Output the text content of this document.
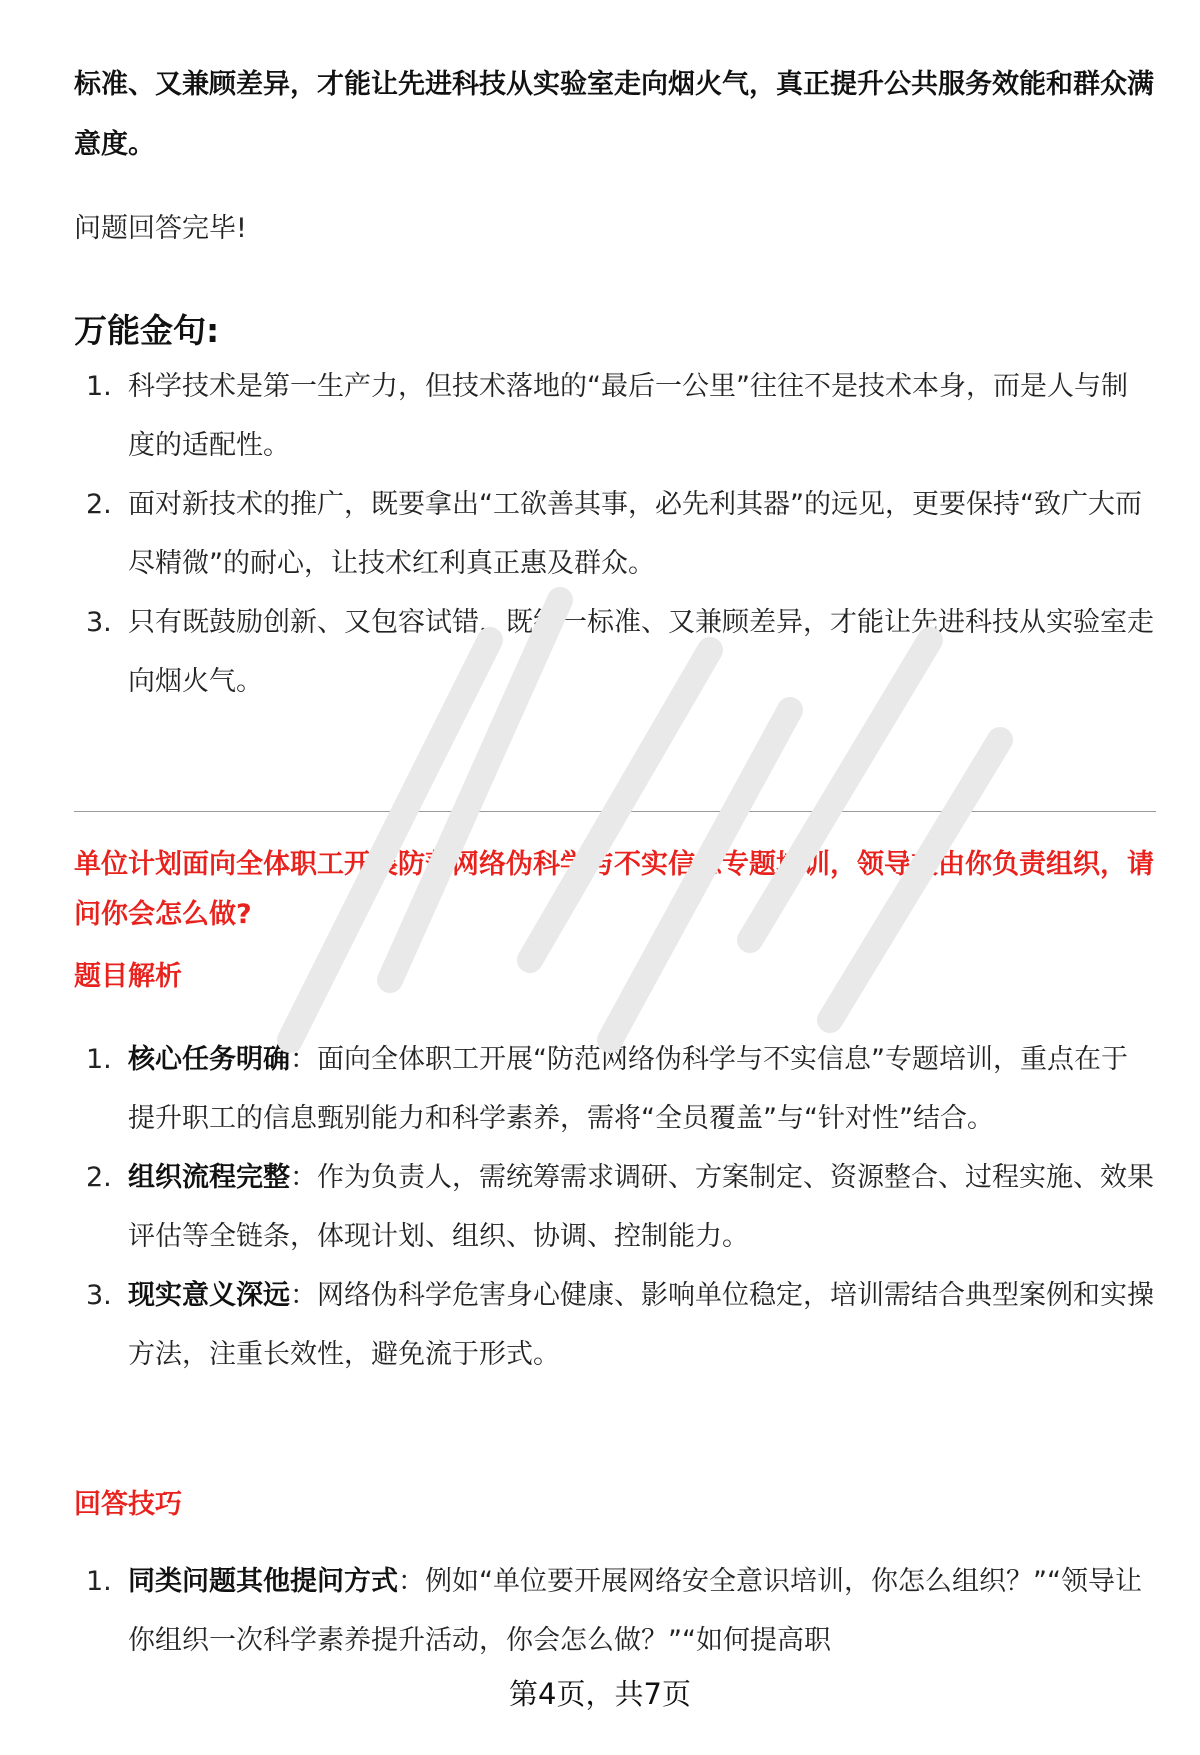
标准、又兼顾差异，才能让先进科技从实验室走向烟火气，真正提升公共服务效能和群众满意度。
问题回答完毕!
万能金句:
1. 科学技术是第一生产力，但技术落地的“最后一公里”往往不是技术本身，而是人与制度的适配性。
2. 面对新技术的推广，既要拿出“工欲善其事，必先利其器”的远见，更要保持“致广大而尽精微”的耐心，让技术红利真正惠及群众。
3. 只有既鼓励创新、又包容试错，既统一标准、又兼顾差异，才能让先进科技从实验室走向烟火气。
单位计划面向全体职工开展防范网络伪科学与不实信息专题培训，领导交由你负责组织，请问你会怎么做?
题目解析
1. 核心任务明确：面向全体职工开展“防范网络伪科学与不实信息”专题培训，重点在于提升职工的信息甄别能力和科学素养，需将“全员覆盖”与“针对性”结合。
2. 组织流程完整：作为负责人，需统筹需求调研、方案制定、资源整合、过程实施、效果评估等全链条，体现计划、组织、协调、控制能力。
3. 现实意义深远：网络伪科学危害身心健康、影响单位稳定，培训需结合典型案例和实操方法，注重长效性，避免流于形式。
回答技巧
1. 同类问题其他提问方式：例如“单位要开展网络安全意识培训，你怎么组织？”“领导让你组织一次科学素养提升活动，你会怎么做？”“如何提高职
第4页，共7页
